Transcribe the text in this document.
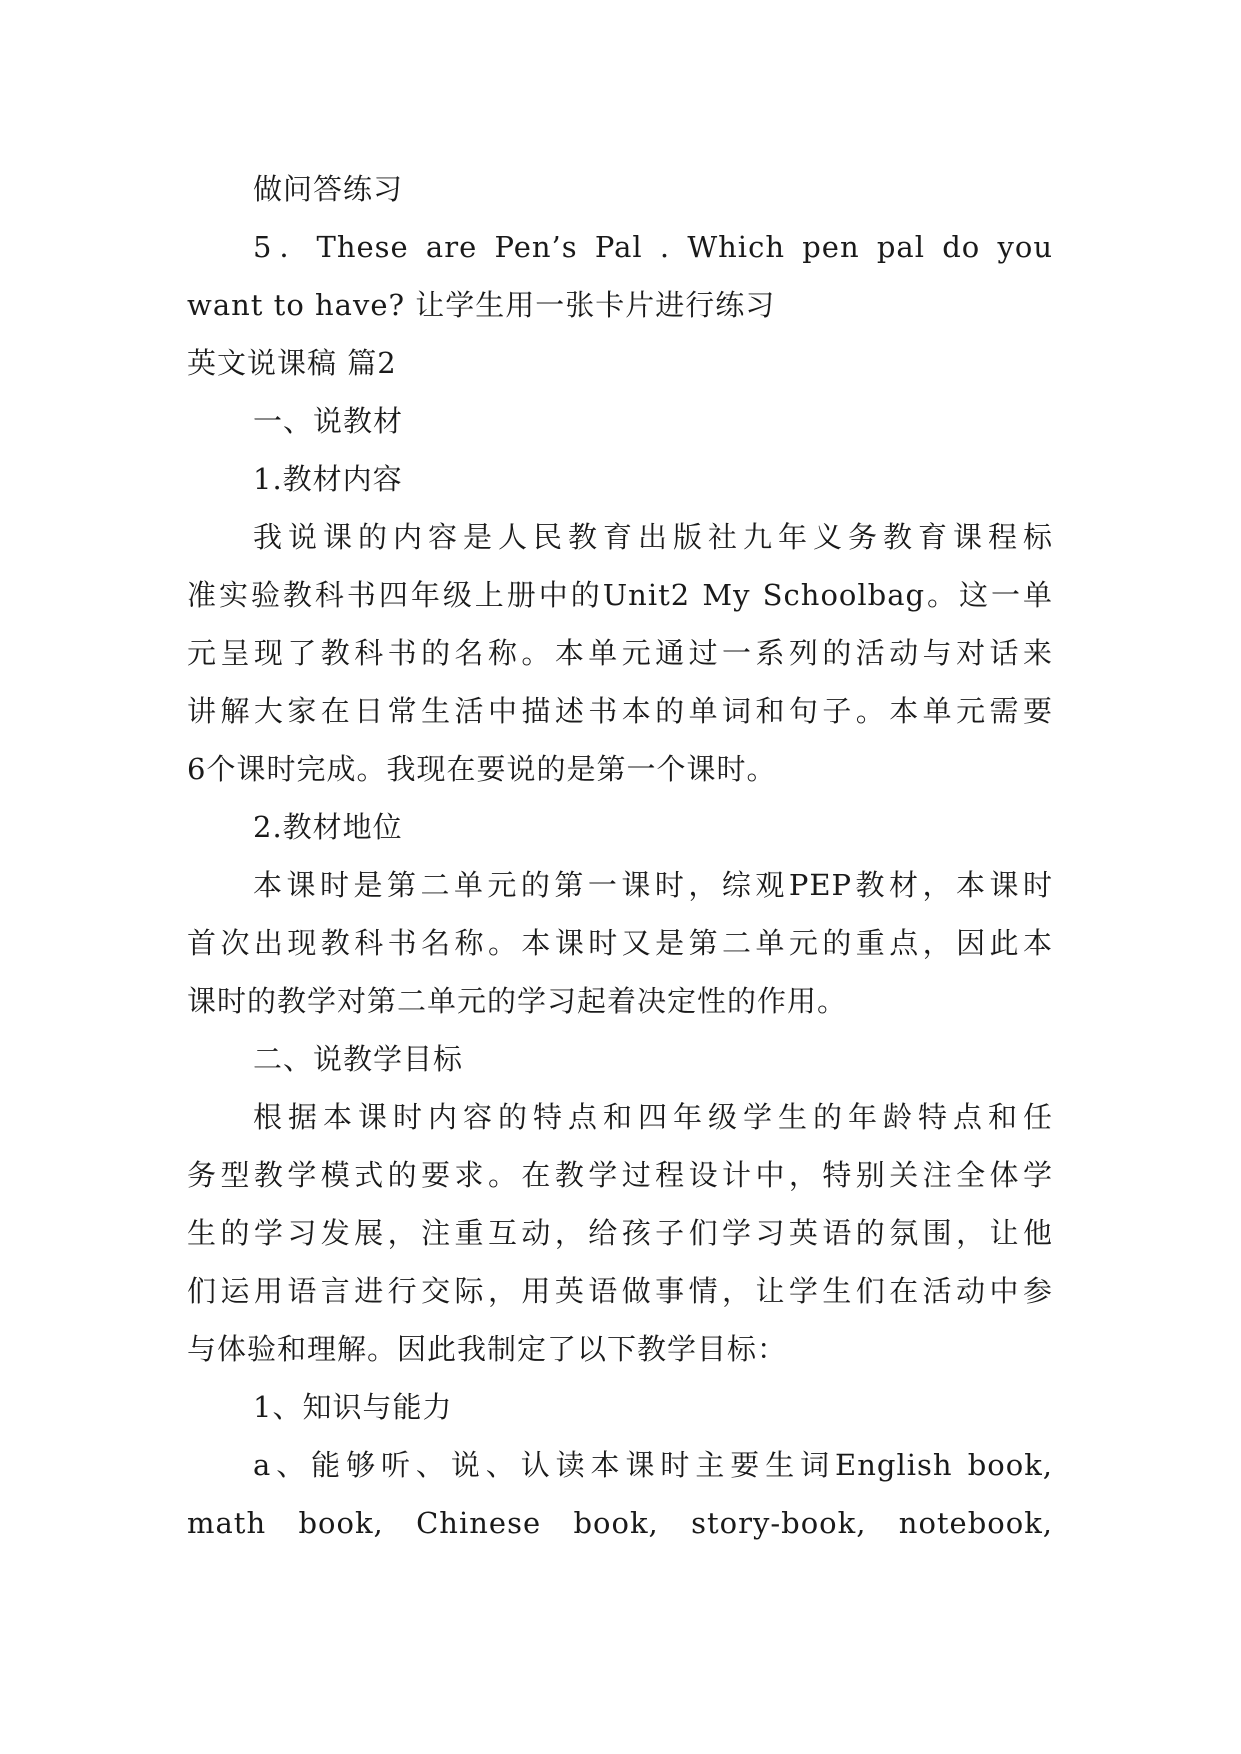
做问答练习
5．These are Pen’s Pal . Which pen pal do you
want to have? 让学生用一张卡片进行练习
英文说课稿 篇2
一、说教材
1.教材内容
我说课的内容是人民教育出版社九年义务教育课程标
准实验教科书四年级上册中的Unit2 My Schoolbag。这一单
元呈现了教科书的名称。本单元通过一系列的活动与对话来
讲解大家在日常生活中描述书本的单词和句子。本单元需要
6个课时完成。我现在要说的是第一个课时。
2.教材地位
本课时是第二单元的第一课时，综观PEP教材，本课时
首次出现教科书名称。本课时又是第二单元的重点，因此本
课时的教学对第二单元的学习起着决定性的作用。
二、说教学目标
根据本课时内容的特点和四年级学生的年龄特点和任
务型教学模式的要求。在教学过程设计中，特别关注全体学
生的学习发展，注重互动，给孩子们学习英语的氛围，让他
们运用语言进行交际，用英语做事情，让学生们在活动中参
与体验和理解。因此我制定了以下教学目标：
1、知识与能力
a、能够听、说、认读本课时主要生词English book,
math book, Chinese book, story-book, notebook,
